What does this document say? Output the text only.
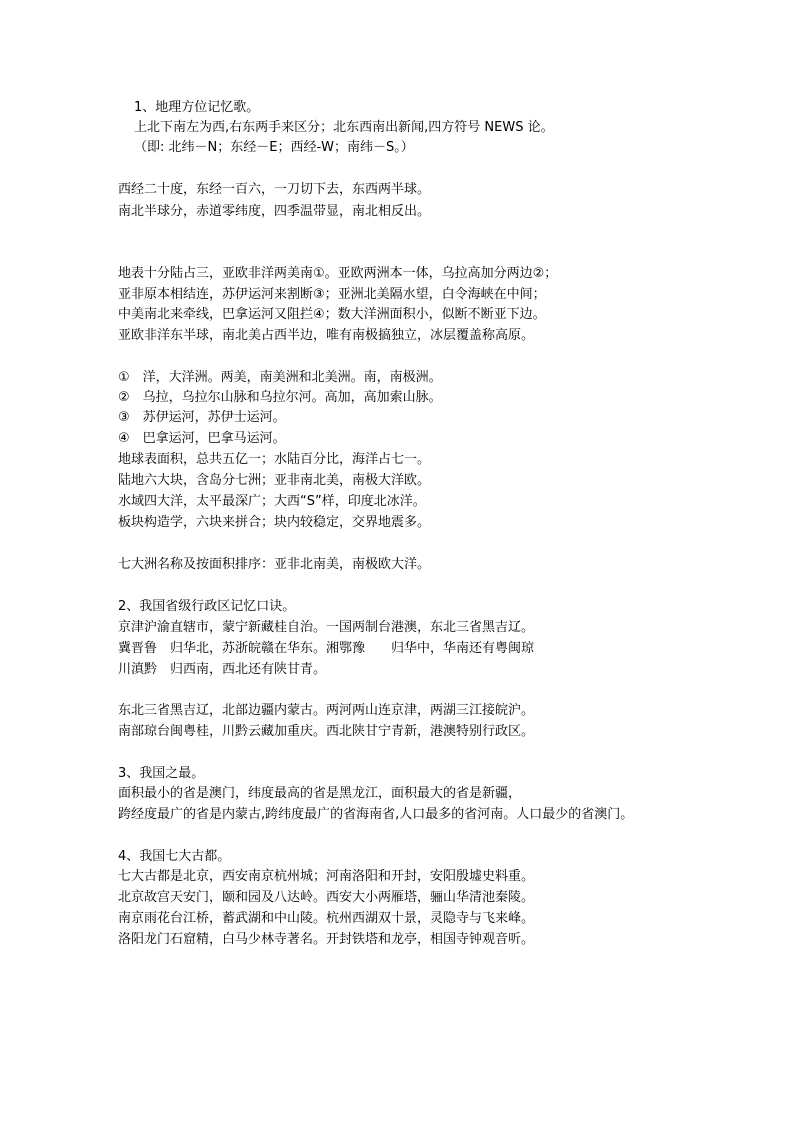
1、地理方位记忆歌。
上北下南左为西,右东两手来区分；北东西南出新闻,四方符号 NEWS 论。
（即: 北纬－N；东经－E；西经-W；南纬－S。）
西经二十度，东经一百六，一刀切下去，东西两半球。
南北半球分，赤道零纬度，四季温带显，南北相反出。
地表十分陆占三，亚欧非洋两美南①。亚欧两洲本一体，乌拉高加分两边②；
亚非原本相结连，苏伊运河来割断③；亚洲北美隔水望，白令海峡在中间；
中美南北来牵线，巴拿运河又阻拦④；数大洋洲面积小，似断不断亚下边。
亚欧非洋东半球，南北美占西半边，唯有南极搞独立，冰层覆盖称高原。
①　洋，大洋洲。两美，南美洲和北美洲。南，南极洲。
②　乌拉，乌拉尔山脉和乌拉尔河。高加，高加索山脉。
③　苏伊运河，苏伊士运河。
④　巴拿运河，巴拿马运河。
地球表面积，总共五亿一；水陆百分比，海洋占七一。
陆地六大块，含岛分七洲；亚非南北美，南极大洋欧。
水域四大洋，太平最深广；大西“S”样，印度北冰洋。
板块构造学，六块来拼合；块内较稳定，交界地震多。
七大洲名称及按面积排序：亚非北南美，南极欧大洋。
2、我国省级行政区记忆口诀。
京津沪渝直辖市，蒙宁新藏桂自治。一国两制台港澳，东北三省黑吉辽。
冀晋鲁　归华北，苏浙皖赣在华东。湘鄂豫　　归华中，华南还有粤闽琼
川滇黔　归西南，西北还有陕甘青。
东北三省黑吉辽，北部边疆内蒙古。两河两山连京津，两湖三江接皖沪。
南部琼台闽粤桂，川黔云藏加重庆。西北陕甘宁青新，港澳特别行政区。
3、我国之最。
面积最小的省是澳门，纬度最高的省是黑龙江，面积最大的省是新疆，
跨经度最广的省是内蒙古,跨纬度最广的省海南省,人口最多的省河南。人口最少的省澳门。
4、我国七大古都。
七大古都是北京，西安南京杭州城；河南洛阳和开封，安阳殷墟史料重。
北京故宫天安门，颐和园及八达岭。西安大小两雁塔，骊山华清池秦陵。
南京雨花台江桥，蓄武湖和中山陵。杭州西湖双十景，灵隐寺与飞来峰。
洛阳龙门石窟精，白马少林寺著名。开封铁塔和龙亭，相国寺钟观音听。
